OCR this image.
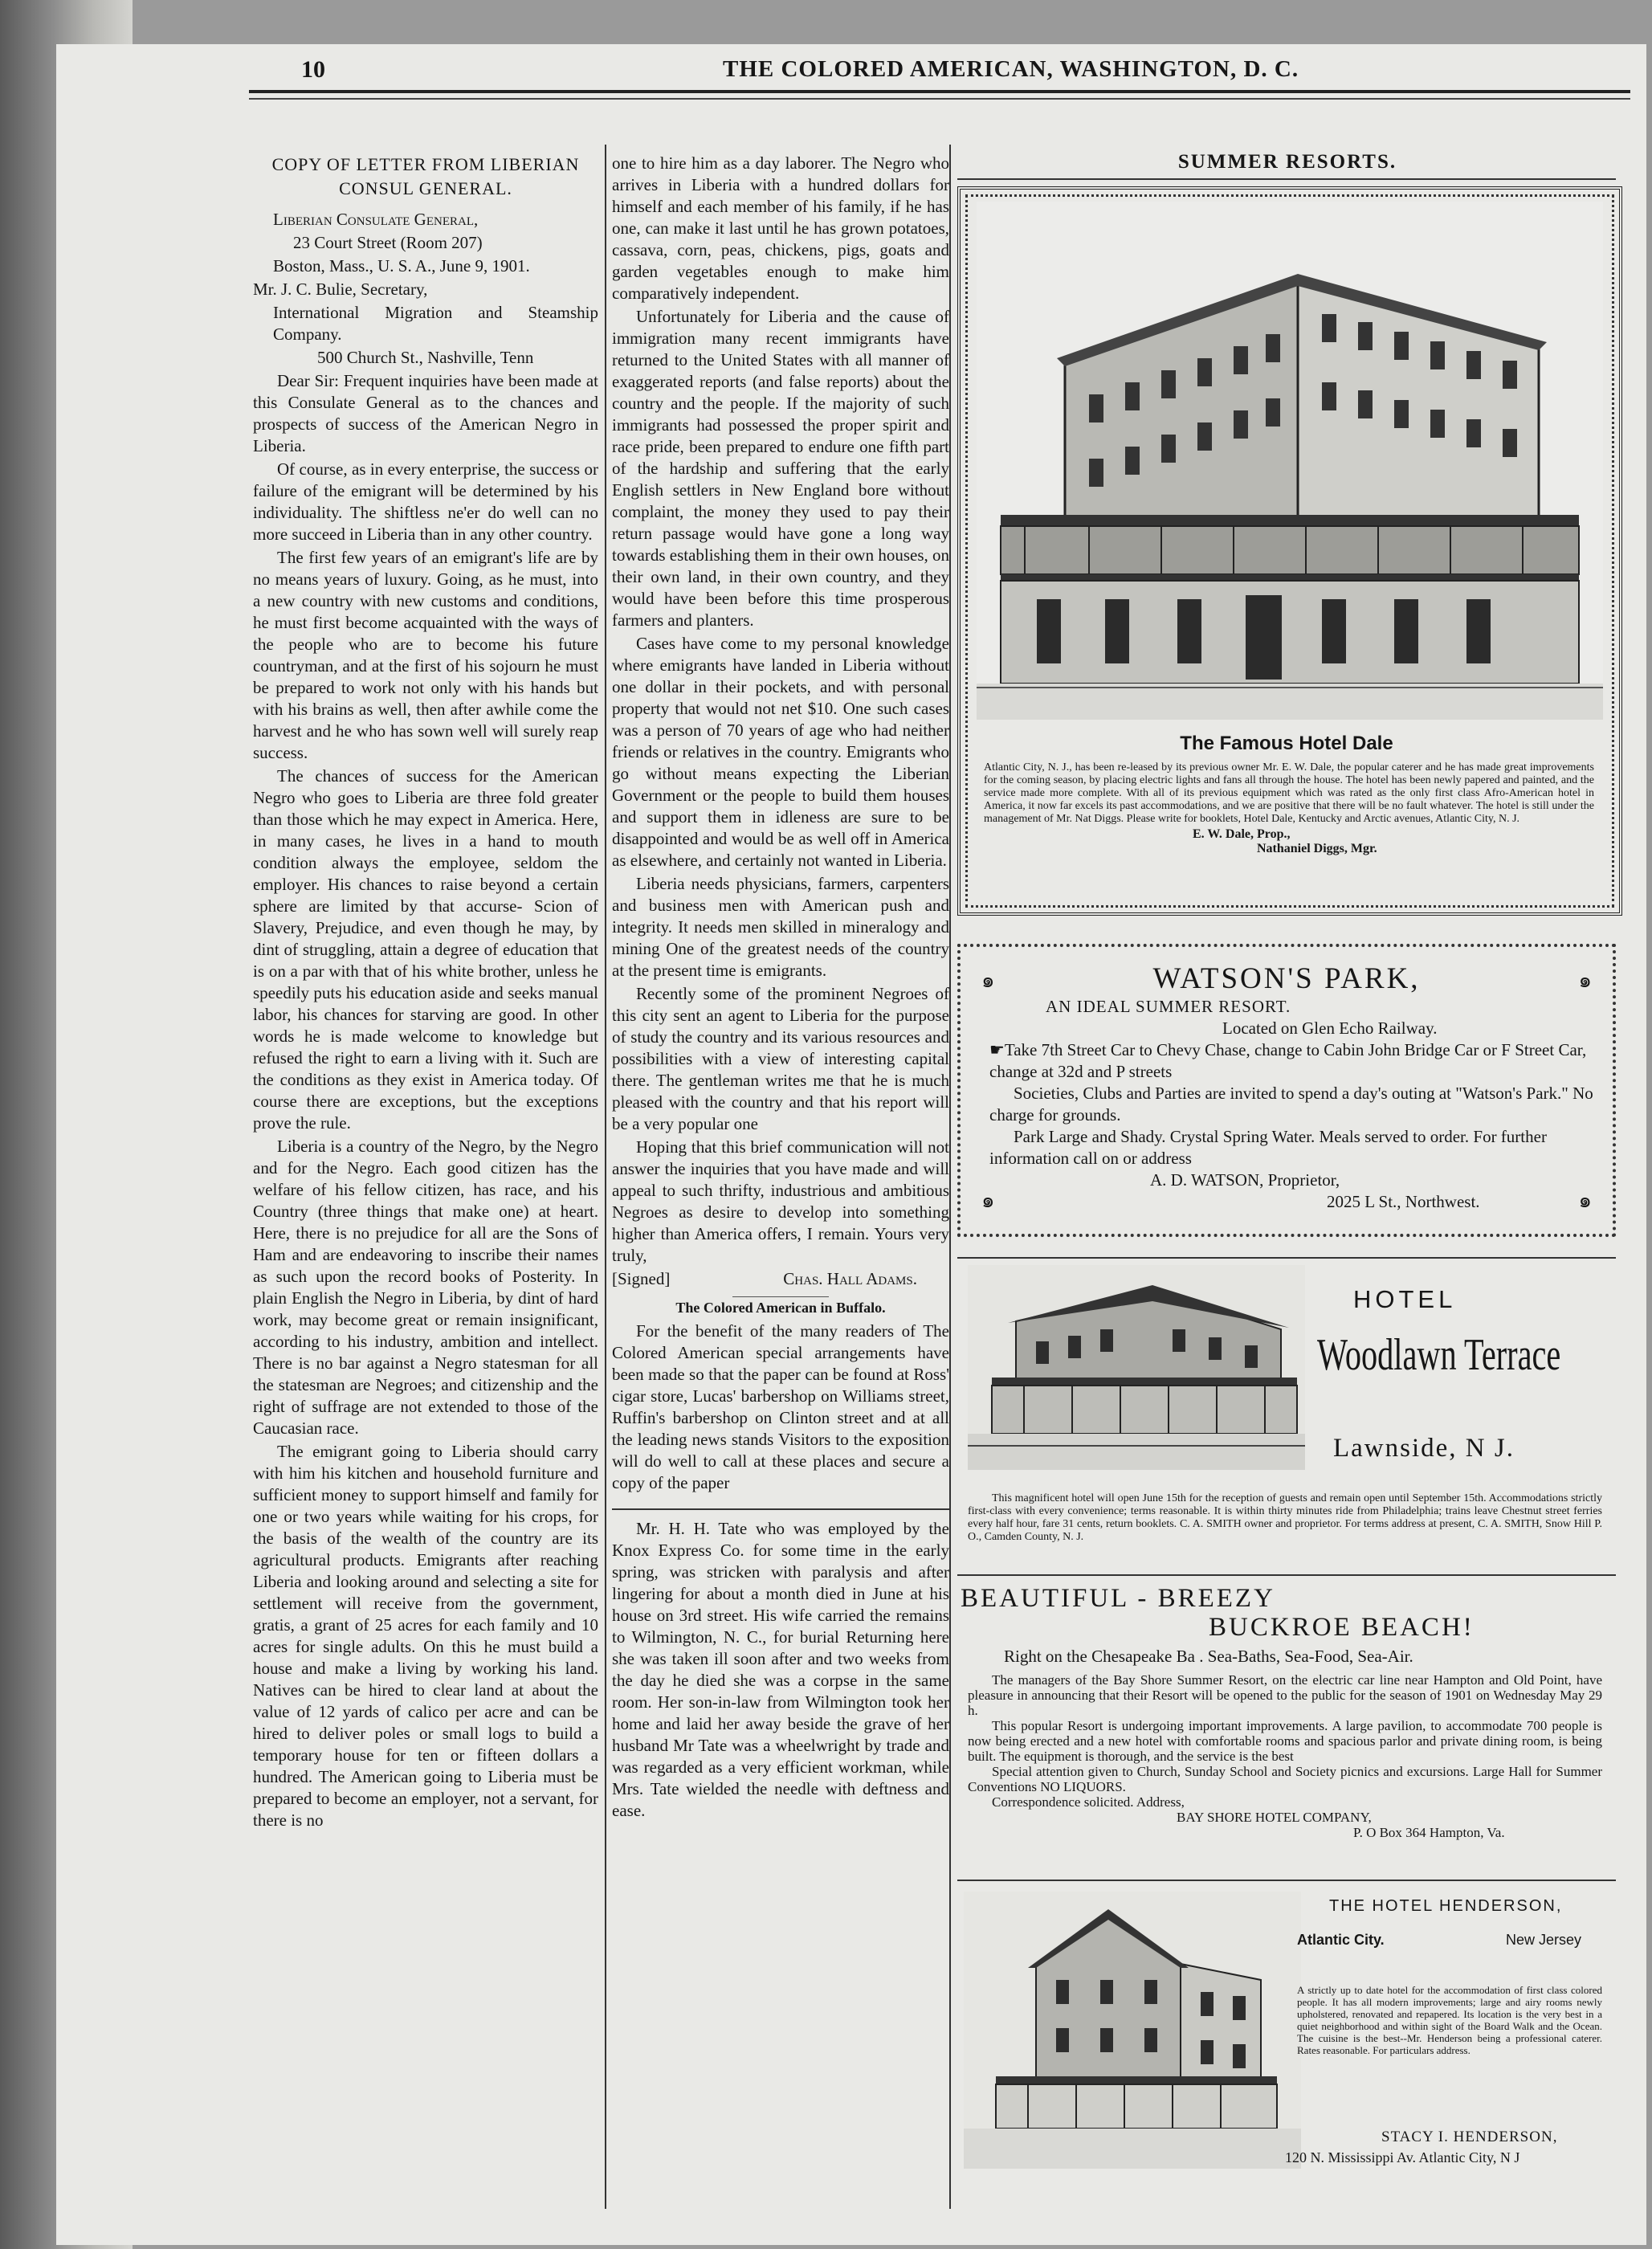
10	THE COLORED AMERICAN, WASHINGTON, D. C.
COPY OF LETTER FROM LIBERIAN CONSUL GENERAL.

Liberian Consulate General,

23 Court Street (Room 207)

Boston, Mass., U. S. A., June 9, 1901.

Mr. J. C. Bulie, Secretary,

International Migration and Steamship Company.

500 Church St., Nashville, Tenn

Dear Sir: Frequent inquiries have been made at this Consulate General as to the chances and prospects of success of the American Negro in Liberia.

Of course, as in every enterprise, the success or failure of the emigrant will be determined by his individuality. The shiftless ne'er do well can no more succeed in Liberia than in any other country.

The first few years of an emigrant's life are by no means years of luxury. Going, as he must, into a new country with new customs and conditions, he must first become acquainted with the ways of the people who are to become his future countryman, and at the first of his sojourn he must be prepared to work not only with his hands but with his brains as well, then after awhile come the harvest and he who has sown well will surely reap success.

The chances of success for the American Negro who goes to Liberia are three fold greater than those which he may expect in America. Here, in many cases, he lives in a hand to mouth condition always the employee, seldom the employer. His chances to raise beyond a certain sphere are limited by that accurse- Scion of Slavery, Prejudice, and even though he may, by dint of struggling, attain a degree of education that is on a par with that of his white brother, unless he speedily puts his education aside and seeks manual labor, his chances for starving are good. In other words he is made welcome to knowledge but refused the right to earn a living with it. Such are the conditions as they exist in America today. Of course there are exceptions, but the exceptions prove the rule.

Liberia is a country of the Negro, by the Negro and for the Negro. Each good citizen has the welfare of his fellow citizen, has race, and his Country (three things that make one) at heart. Here, there is no prejudice for all are the Sons of Ham and are endeavoring to inscribe their names as such upon the record books of Posterity. In plain English the Negro in Liberia, by dint of hard work, may become great or remain insignificant, according to his industry, ambition and intellect. There is no bar against a Negro statesman for all the statesman are Negroes; and citizenship and the right of suffrage are not extended to those of the Caucasian race.

The emigrant going to Liberia should carry with him his kitchen and household furniture and sufficient money to support himself and family for one or two years while waiting for his crops, for the basis of the wealth of the country are its agricultural products. Emigrants after reaching Liberia and looking around and selecting a site for settlement will receive from the government, gratis, a grant of 25 acres for each family and 10 acres for single adults. On this he must build a house and make a living by working his land. Natives can be hired to clear land at about the value of 12 yards of calico per acre and can be hired to deliver poles or small logs to build a temporary house for ten or fifteen dollars a hundred. The American going to Liberia must be prepared to become an employer, not a servant, for there is no

one to hire him as a day laborer. The Negro who arrives in Liberia with a hundred dollars for himself and each member of his family, if he has one, can make it last until he has grown potatoes, cassava, corn, peas, chickens, pigs, goats and garden vegetables enough to make him comparatively independent.

Unfortunately for Liberia and the cause of immigration many recent immigrants have returned to the United States with all manner of exaggerated reports (and false reports) about the country and the people. If the majority of such immigrants had possessed the proper spirit and race pride, been prepared to endure one fifth part of the hardship and suffering that the early English settlers in New England bore without complaint, the money they used to pay their return passage would have gone a long way towards establishing them in their own houses, on their own land, in their own country, and they would have been before this time prosperous farmers and planters.

Cases have come to my personal knowledge where emigrants have landed in Liberia without one dollar in their pockets, and with personal property that would not net $10. One such cases was a person of 70 years of age who had neither friends or relatives in the country. Emigrants who go without means expecting the Liberian Government or the people to build them houses and support them in idleness are sure to be disappointed and would be as well off in America as elsewhere, and certainly not wanted in Liberia.

Liberia needs physicians, farmers, carpenters and business men with American push and integrity. It needs men skilled in mineralogy and mining One of the greatest needs of the country at the present time is emigrants.

Recently some of the prominent Negroes of this city sent an agent to Liberia for the purpose of study the country and its various resources and possibilities with a view of interesting capital there. The gentleman writes me that he is much pleased with the country and that his report will be a very popular one

Hoping that this brief communication will not answer the inquiries that you have made and will appeal to such thrifty, industrious and ambitious Negroes as desire to develop into something higher than America offers, I remain. Yours very truly,

[Signed]	Chas. Hall Adams.

The Colored American in Buffalo.

For the benefit of the many readers of The Colored American special arrangements have been made so that the paper can be found at Ross' cigar store, Lucas' barbershop on Williams street, Ruffin's barbershop on Clinton street and at all the leading news stands Visitors to the exposition will do well to call at these places and secure a copy of the paper

Mr. H. H. Tate who was employed by the Knox Express Co. for some time in the early spring, was stricken with paralysis and after lingering for about a month died in June at his house on 3rd street. His wife carried the remains to Wilmington, N. C., for burial Returning here she was taken ill soon after and two weeks from the day he died she was a corpse in the same room. Her son-in-law from Wilmington took her home and laid her away beside the grave of her husband Mr Tate was a wheelwright by trade and was regarded as a very efficient workman, while Mrs. Tate wielded the needle with deftness and ease.

SUMMER RESORTS.
The Famous Hotel Dale
Atlantic City, N. J., has been re-leased by its previous owner Mr. E. W. Dale, the popular caterer and he has made great improvements for the coming season, by placing electric lights and fans all through the house. The hotel has been newly papered and painted, and the service made more complete. With all of its previous equipment which was rated as the only first class Afro-American hotel in America, it now far excels its past accommodations, and we are positive that there will be no fault whatever. The hotel is still under the management of Mr. Nat Diggs. Please write for booklets, Hotel Dale, Kentucky and Arctic avenues, Atlantic City, N. J.
E. W. Dale, Prop.,
Nathaniel Diggs, Mgr.
๑	๑
๑	๑
WATSON'S PARK,
AN IDEAL SUMMER RESORT.
Located on Glen Echo Railway.
☛Take 7th Street Car to Chevy Chase, change to Cabin John Bridge Car or F Street Car, change at 32d and P streets
Societies, Clubs and Parties are invited to spend a day's outing at "Watson's Park." No charge for grounds.
Park Large and Shady. Crystal Spring Water. Meals served to order. For further information call on or address
A. D. WATSON, Proprietor,
2025 L St., Northwest.
HOTEL
Woodlawn Terrace
Lawnside, N J.
This magnificent hotel will open June 15th for the reception of guests and remain open until September 15th. Accommodations strictly first-class with every convenience; terms reasonable. It is within thirty minutes ride from Philadelphia; trains leave Chestnut street ferries every half hour, fare 31 cents, return booklets. C. A. SMITH owner and proprietor. For terms address at present, C. A. SMITH, Snow Hill P. O., Camden County, N. J.
BEAUTIFUL - BREEZY
BUCKROE BEACH!
Right on the Chesapeake Ba . Sea-Baths, Sea-Food, Sea-Air.
The managers of the Bay Shore Summer Resort, on the electric car line near Hampton and Old Point, have pleasure in announcing that their Resort will be opened to the public for the season of 1901 on Wednesday May 29 h.
This popular Resort is undergoing important improvements. A large pavilion, to accommodate 700 people is now being erected and a new hotel with comfortable rooms and spacious parlor and private dining room, is being built. The equipment is thorough, and the service is the best
Special attention given to Church, Sunday School and Society picnics and excursions. Large Hall for Summer Conventions NO LIQUORS.
Correspondence solicited. Address,
BAY SHORE HOTEL COMPANY,
P. O Box 364 Hampton, Va.
THE HOTEL HENDERSON,
Atlantic City.	New Jersey
A strictly up to date hotel for the accommodation of first class colored people. It has all modern improvements; large and airy rooms newly upholstered, renovated and repapered. Its location is the very best in a quiet neighborhood and within sight of the Board Walk and the Ocean. The cuisine is the best--Mr. Henderson being a professional caterer. Rates reasonable. For particulars address.
STACY I. HENDERSON,
120 N. Mississippi Av. Atlantic City, N J
